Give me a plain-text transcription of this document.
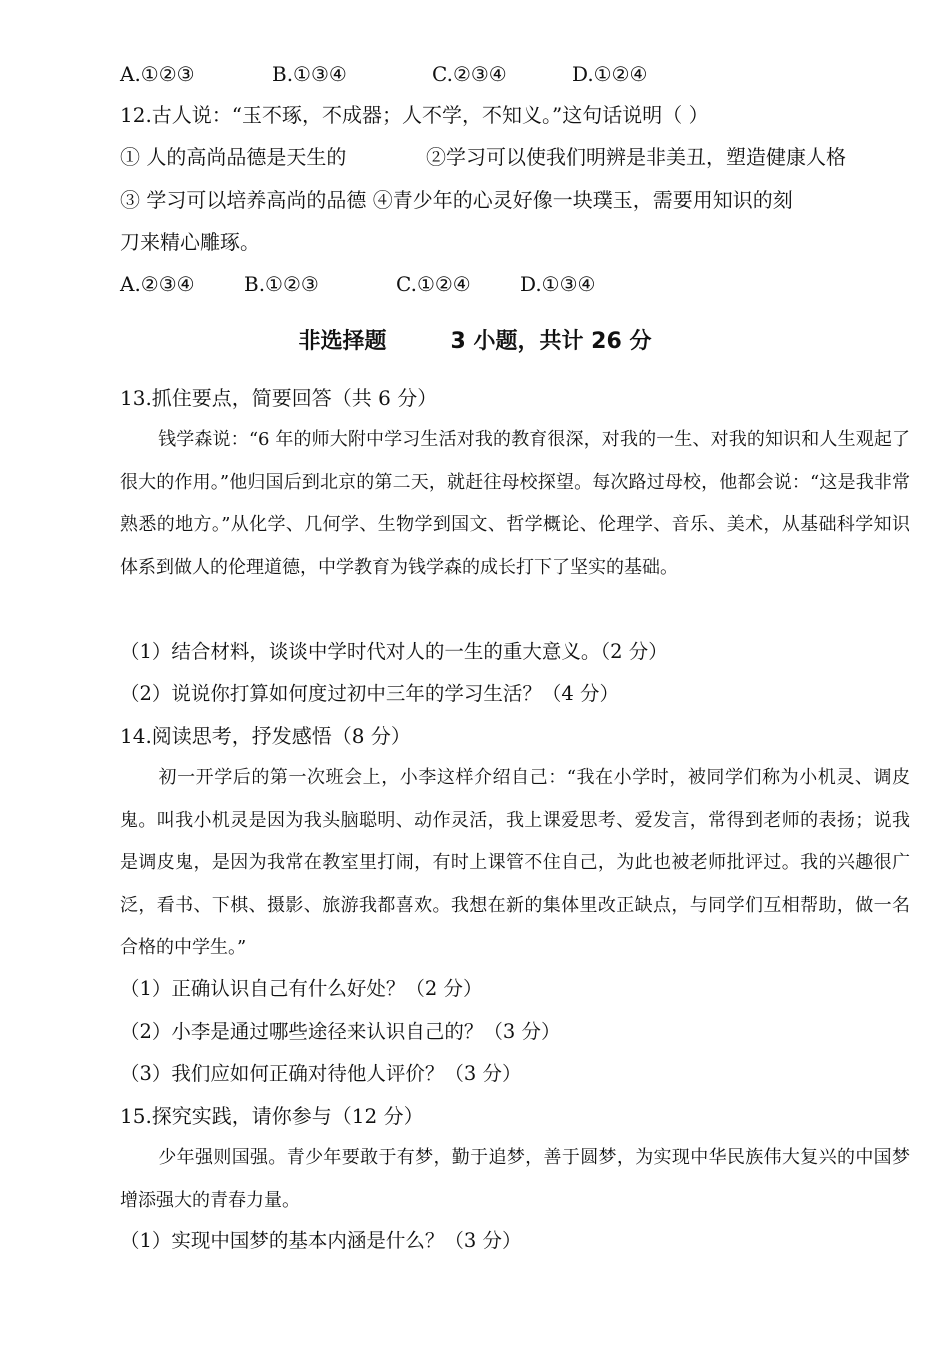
A.①②③	B.①③④	C.②③④	D.①②④
12.古人说：“玉不琢，不成器；人不学，不知义。”这句话说明（ ）
① 人的高尚品德是天生的	②学习可以使我们明辨是非美丑，塑造健康人格
③ 学习可以培养高尚的品德 ④青少年的心灵好像一块璞玉，需要用知识的刻
刀来精心雕琢。
A.②③④ B.①②③	C.①②④ D.①③④
非选择题	3 小题，共计 26 分
13.抓住要点，简要回答（共 6 分）
钱学森说：“6 年的师大附中学习生活对我的教育很深，对我的一生、对我的知识和人生观起了很大的作用。”他归国后到北京的第二天，就赶往母校探望。每次路过母校，他都会说：“这是我非常熟悉的地方。”从化学、几何学、生物学到国文、哲学概论、伦理学、音乐、美术，从基础科学知识体系到做人的伦理道德，中学教育为钱学森的成长打下了坚实的基础。
（1）结合材料，谈谈中学时代对人的一生的重大意义。（2 分）
（2）说说你打算如何度过初中三年的学习生活？（4 分）
14.阅读思考，抒发感悟（8 分）
初一开学后的第一次班会上，小李这样介绍自己：“我在小学时，被同学们称为小机灵、调皮鬼。叫我小机灵是因为我头脑聪明、动作灵活，我上课爱思考、爱发言，常得到老师的表扬；说我是调皮鬼，是因为我常在教室里打闹，有时上课管不住自己，为此也被老师批评过。我的兴趣很广泛，看书、下棋、摄影、旅游我都喜欢。我想在新的集体里改正缺点，与同学们互相帮助，做一名合格的中学生。”
（1）正确认识自己有什么好处？（2 分）
（2）小李是通过哪些途径来认识自己的？（3 分）
（3）我们应如何正确对待他人评价？（3 分）
15.探究实践，请你参与（12 分）
少年强则国强。青少年要敢于有梦，勤于追梦，善于圆梦，为实现中华民族伟大复兴的中国梦增添强大的青春力量。
（1）实现中国梦的基本内涵是什么？（3 分）
